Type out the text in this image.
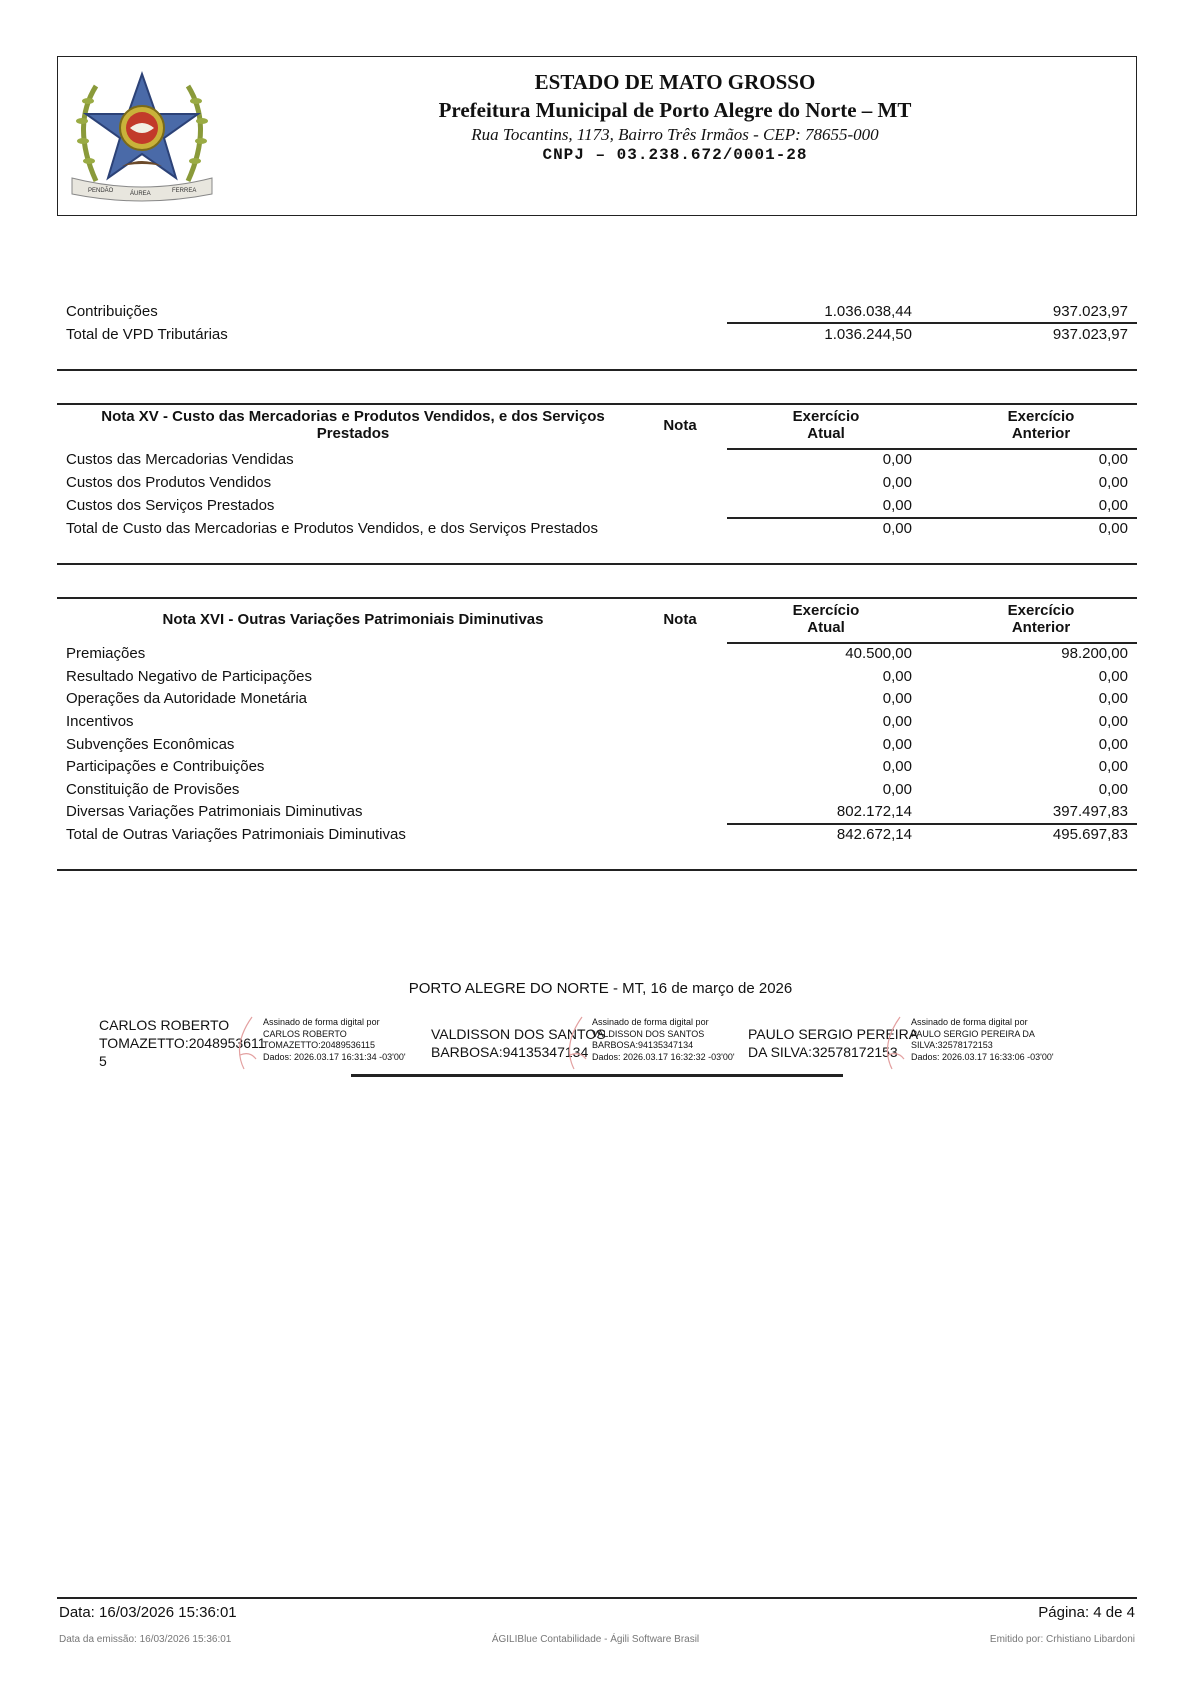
PENDÃO	ÁUREA	FERREA
ESTADO DE MATO GROSSO
Prefeitura Municipal de Porto Alegre do Norte – MT
Rua Tocantins, 1173, Bairro Três Irmãos - CEP: 78655-000
CNPJ – 03.238.672/0001-28
Contribuições	1.036.038,44	937.023,97
Total de VPD Tributárias	1.036.244,50	937.023,97
Nota XV - Custo das Mercadorias e Produtos Vendidos, e dos Serviços Prestados	Nota
Exercício Atual
Exercício Anterior
Custos das Mercadorias Vendidas	0,00	0,00
Custos dos Produtos Vendidos	0,00	0,00
Custos dos Serviços Prestados	0,00	0,00
Total de Custo das Mercadorias e Produtos Vendidos, e dos Serviços Prestados	0,00	0,00
Nota XVI - Outras Variações Patrimoniais Diminutivas	Nota
Exercício Atual
Exercício Anterior
Premiações	40.500,00	98.200,00
Resultado Negativo de Participações	0,00	0,00
Operações da Autoridade Monetária	0,00	0,00
Incentivos	0,00	0,00
Subvenções Econômicas	0,00	0,00
Participações e Contribuições	0,00	0,00
Constituição de Provisões	0,00	0,00
Diversas Variações Patrimoniais Diminutivas	802.172,14	397.497,83
Total de Outras Variações Patrimoniais Diminutivas	842.672,14	495.697,83
PORTO ALEGRE DO NORTE - MT, 16 de março de 2026
CARLOS ROBERTO
TOMAZETTO:2048953611
5
Assinado de forma digital por
CARLOS ROBERTO
TOMAZETTO:20489536115
Dados: 2026.03.17 16:31:34 -03'00'
VALDISSON DOS SANTOS
BARBOSA:94135347134
Assinado de forma digital por
VALDISSON DOS SANTOS
BARBOSA:94135347134
Dados: 2026.03.17 16:32:32 -03'00'
PAULO SERGIO PEREIRA
DA SILVA:32578172153
Assinado de forma digital por
PAULO SERGIO PEREIRA DA
SILVA:32578172153
Dados: 2026.03.17 16:33:06 -03'00'
Data: 16/03/2026 15:36:01	Página: 4 de 4
Data da emissão: 16/03/2026 15:36:01	ÁGILIBlue Contabilidade - Ágili Software Brasil	Emitido por: Crhistiano Libardoni
